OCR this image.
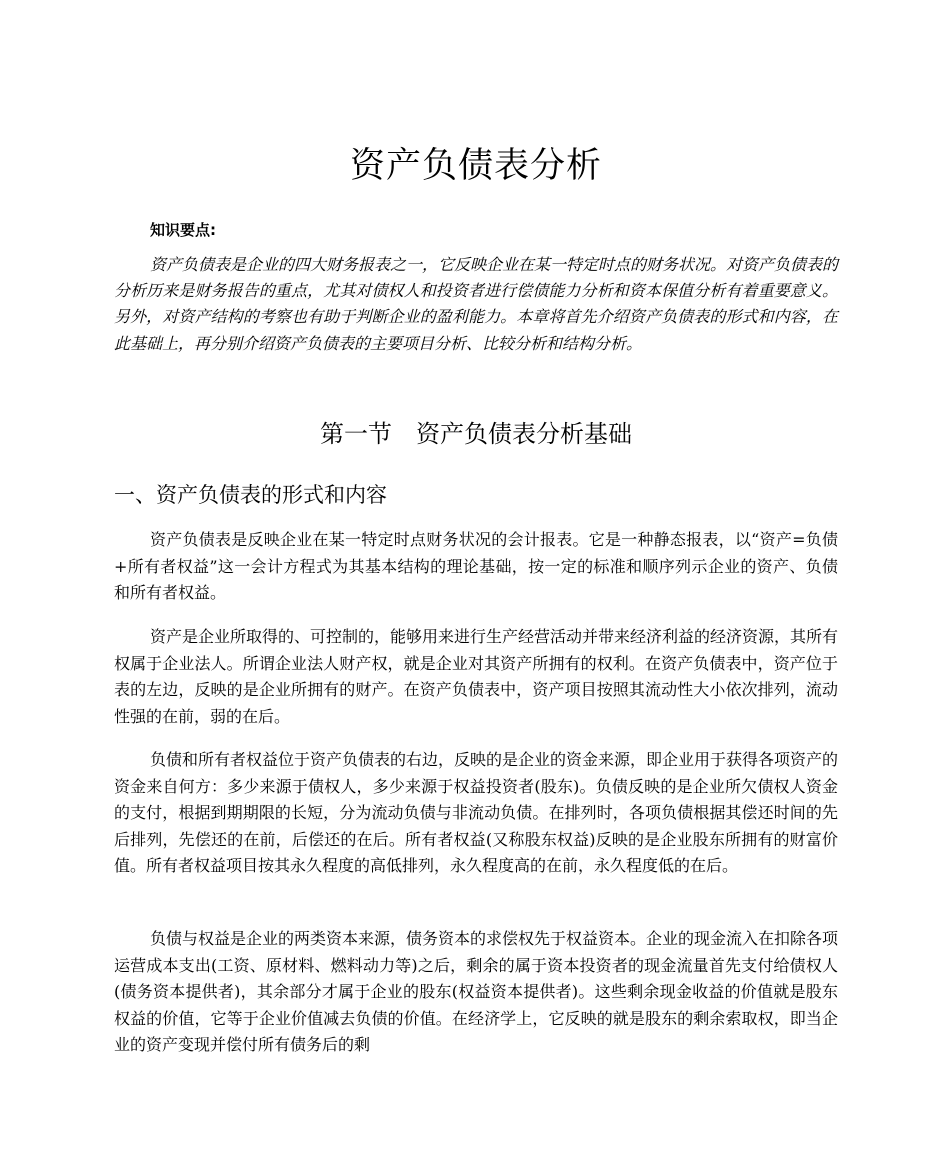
资产负债表分析

知识要点:

资产负债表是企业的四大财务报表之一，它反映企业在某一特定时点的财务状况。对资产负债表的分析历来是财务报告的重点，尤其对债权人和投资者进行偿债能力分析和资本保值分析有着重要意义。另外，对资产结构的考察也有助于判断企业的盈利能力。本章将首先介绍资产负债表的形式和内容，在此基础上，再分别介绍资产负债表的主要项目分析、比较分析和结构分析。

第一节　资产负债表分析基础
一、资产负债表的形式和内容

资产负债表是反映企业在某一特定时点财务状况的会计报表。它是一种静态报表，以“资产=负债+所有者权益”这一会计方程式为其基本结构的理论基础，按一定的标准和顺序列示企业的资产、负债和所有者权益。

资产是企业所取得的、可控制的，能够用来进行生产经营活动并带来经济利益的经济资源，其所有权属于企业法人。所谓企业法人财产权，就是企业对其资产所拥有的权利。在资产负债表中，资产位于表的左边，反映的是企业所拥有的财产。在资产负债表中，资产项目按照其流动性大小依次排列，流动性强的在前，弱的在后。

负债和所有者权益位于资产负债表的右边，反映的是企业的资金来源，即企业用于获得各项资产的资金来自何方：多少来源于债权人，多少来源于权益投资者(股东)。负债反映的是企业所欠债权人资金的支付，根据到期期限的长短，分为流动负债与非流动负债。在排列时，各项负债根据其偿还时间的先后排列，先偿还的在前，后偿还的在后。所有者权益(又称股东权益)反映的是企业股东所拥有的财富价值。所有者权益项目按其永久程度的高低排列，永久程度高的在前，永久程度低的在后。

负债与权益是企业的两类资本来源，债务资本的求偿权先于权益资本。企业的现金流入在扣除各项运营成本支出(工资、原材料、燃料动力等)之后，剩余的属于资本投资者的现金流量首先支付给债权人(债务资本提供者)，其余部分才属于企业的股东(权益资本提供者)。这些剩余现金收益的价值就是股东权益的价值，它等于企业价值减去负债的价值。在经济学上，它反映的就是股东的剩余索取权，即当企业的资产变现并偿付所有债务后的剩
